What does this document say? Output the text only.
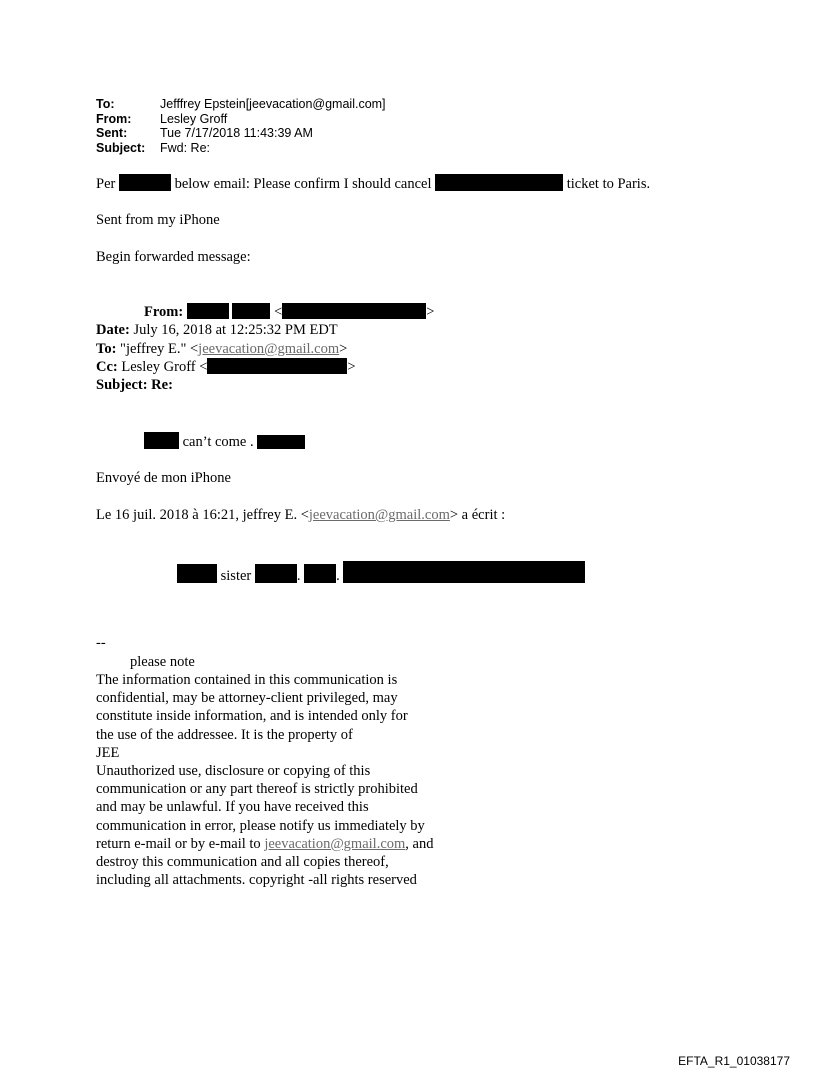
To:	Jefffrey Epstein[jeevacation@gmail.com]
From:	Lesley Groff
Sent:	Tue 7/17/2018 11:43:39 AM
Subject:	Fwd: Re:
Per	below email: Please confirm I should cancel	ticket to Paris.
Sent from my iPhone
Begin forwarded message:
From:	<	>
Date: July 16, 2018 at 12:25:32 PM EDT
To: "jeffrey E." <jeevacation@gmail.com>
Cc: Lesley Groff <	>
Subject: Re:
can’t come .
Envoyé de mon iPhone
Le 16 juil. 2018 à 16:21, jeffrey E. <jeevacation@gmail.com> a écrit :
sister	. .
--
please note
The information contained in this communication is
confidential, may be attorney-client privileged, may
constitute inside information, and is intended only for
the use of the addressee. It is the property of
JEE
Unauthorized use, disclosure or copying of this
communication or any part thereof is strictly prohibited
and may be unlawful. If you have received this
communication in error, please notify us immediately by
return e-mail or by e-mail to jeevacation@gmail.com, and
destroy this communication and all copies thereof,
including all attachments. copyright -all rights reserved
EFTA_R1_01038177
